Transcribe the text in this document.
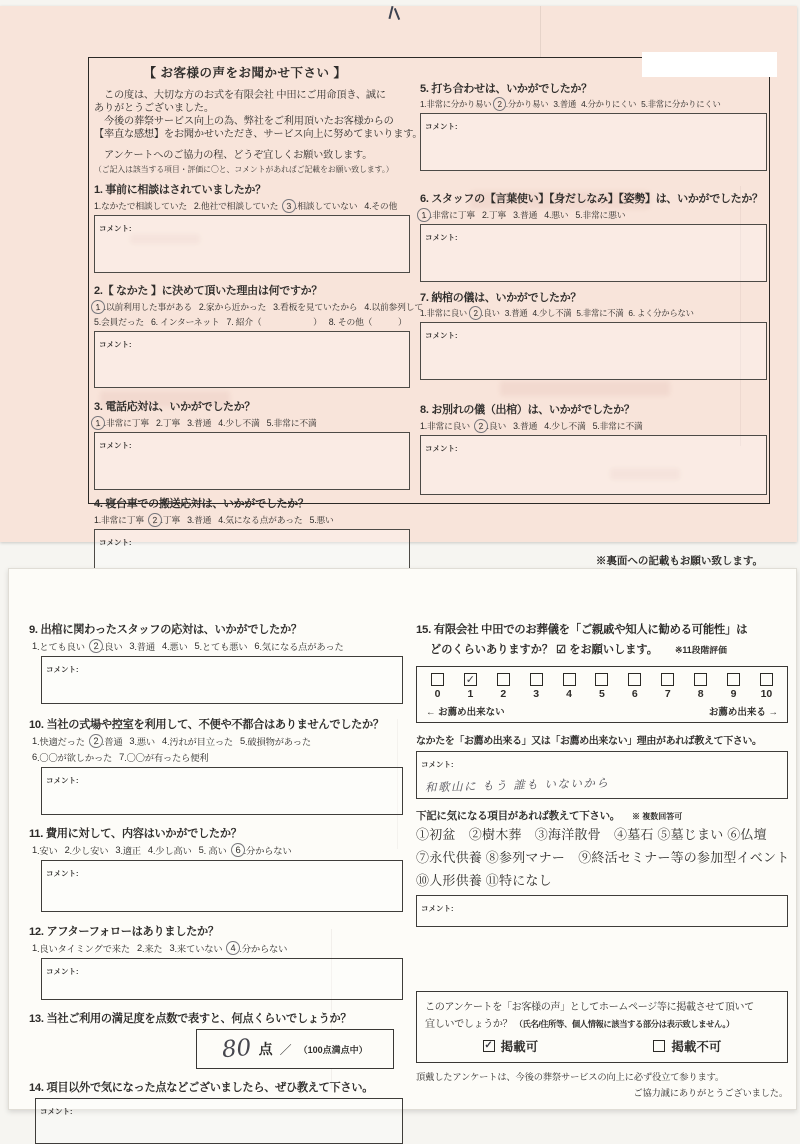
【 お客様の声をお聞かせ下さい 】
　この度は、大切な方のお式を有限会社 中田にご用命頂き、誠に
ありがとうございました。
　今後の葬祭サービス向上の為、弊社をご利用頂いたお客様からの
【率直な感想】をお聞かせいただき、サービス向上に努めてまいります。
　アンケートへのご協力の程、どうぞ宜しくお願い致します。
（ご記入は該当する項目・評価に〇と、コメントがあればご記載をお願い致します。）
1. 事前に相談はされていましたか？
1 .なかたで相談していた 2 .他社で相談していた 3 .相談していない 4 .その他
コメント:
2.【 なかた 】に決めて頂いた理由は何ですか？
1 .以前利用した事がある 2 .家から近かった 3 .看板を見ていたから 4 .以前参列して
5 .会員だった 6 . インターネット 7 . 紹介（　　　　　　） 8 . その他（　　　）
コメント:
3. 電話応対は、いかがでしたか？
1 .非常に丁寧 2 .丁寧 3 .普通 4 .少し不満 5 .非常に不満
コメント:
4. 寝台車での搬送応対は、いかがでしたか？
1 .非常に丁寧 2 .丁寧 3 .普通 4 .気になる点があった 5 .悪い
コメント:
5. 打ち合わせは、いかがでしたか？
1 .非常に分かり易い 2 .分かり易い 3 .普通 4 .分かりにくい 5 .非常に分かりにくい
コメント:
6. スタッフの【言葉使い】【身だしなみ】【姿勢】は、いかがでしたか？
1 .非常に丁寧 2 .丁寧 3 .普通 4 .悪い 5 .非常に悪い
コメント:
7. 納棺の儀は、いかがでしたか？
1 .非常に良い 2 .良い 3 .普通 4 .少し不満 5 .非常に不満 6 . よく分からない
コメント:
8. お別れの儀（出棺）は、いかがでしたか？
1 .非常に良い 2 .良い 3 .普通 4 .少し不満 5 .非常に不満
コメント:
※裏面への記載もお願い致します。
9. 出棺に関わったスタッフの応対は、いかがでしたか？
1 .とても良い 2 .良い 3 .普通 4 .悪い 5 .とても悪い 6 .気になる点があった
コメント:
10. 当社の式場や控室を利用して、不便や不都合はありませんでしたか？
1 .快適だった 2 .普通 3 .悪い 4 .汚れが目立った 5 .破損物があった
6 .〇〇が欲しかった 7 .〇〇が有ったら便利
コメント:
11. 費用に対して、内容はいかがでしたか？
1 .安い 2 .少し安い 3 .適正 4 .少し高い 5 . 高い 6 .分からない
コメント:
12. アフターフォローはありましたか？
1 .良いタイミングで来た 2 .来た 3 .来ていない 4 .分からない
コメント:
13. 当社ご利用の満足度を点数で表すと、何点くらいでしょうか？
80 点 ／ （100点満点中）
14. 項目以外で気になった点などございましたら、ぜひ教えて下さい。
コメント:
15. 有限会社 中田でのお葬儀を「ご親戚や知人に勧める可能性」は
どのくらいありますか？ ☑ をお願いします。 ※11段階評価
0
✓
1	2	3	4	5	6	7	8	9	10
← お薦め出来ない	お薦め出来る →
なかたを「お薦め出来る」又は「お薦め出来ない」理由があれば教えて下さい。
コメント:
和歌山に もう 誰も いないから
下記に気になる項目があれば教えて下さい。 ※ 複数回答可
①初盆　②樹木葬　③海洋散骨　④墓石 ⑤墓じまい ⑥仏壇
⑦永代供養 ⑧参列マナー　⑨終活セミナー等の参加型イベント
⑩人形供養 ⑪特になし
コメント:
このアンケートを「お客様の声」としてホームページ等に掲載させて頂いて
宜しいでしょうか？ （氏名/住所等、個人情報に該当する部分は表示致しません。）
✓ 掲載可	掲載不可
頂戴したアンケートは、今後の葬祭サービスの向上に必ず役立て参ります。
ご協力誠にありがとうございました。
